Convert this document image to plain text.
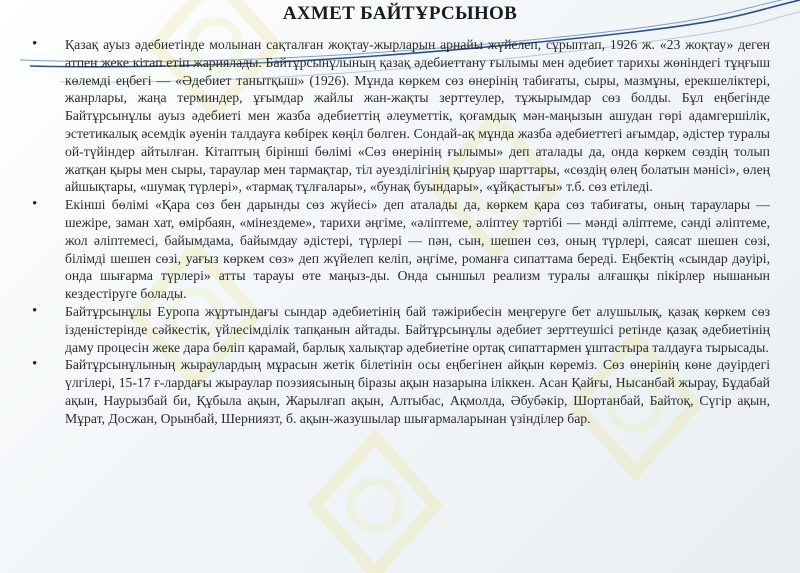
АХМЕТ БАЙТҰРСЫНОВ
• Қазақ ауыз әдебиетінде молынан сақталған жоқтау-жырларын арнайы жүйелеп, сұрыптап, 1926 ж. «23 жоқтау» деген атпен жеке кітап етіп жариялады. Байтұрсынұлының қазақ әдебиеттану ғылымы мен әдебиет тарихы жөніндегі тұңғыш көлемді еңбегі — «Әдебиет танытқыш» (1926). Мұнда көркем сөз өнерінің табиғаты, сыры, мазмұны, ерекшеліктері, жанрлары, жаңа терминдер, ұғымдар жайлы жан-жақты зерттеулер, тұжырымдар сөз болды. Бұл еңбегінде Байтұрсынұлы ауыз әдебиеті мен жазба әдебиеттің әлеуметтік, қоғамдық мән-маңызын ашудан гөрі адамгершілік, эстетикалық әсемдік әуенін талдауға көбірек көңіл бөлген. Сондай-ақ мұнда жазба әдебиеттегі ағымдар, әдістер туралы ой-түйіндер айтылған. Кітаптың бірінші бөлімі «Сөз өнерінің ғылымы» деп аталады да, онда көркем сөздің толып жатқан қыры мен сыры, тараулар мен тармақтар, тіл әуезділігінің қыруар шарттары, «сөздің өлең болатын мәнісі», өлең айшықтары, «шумақ түрлері», «тармақ тұлғалары», «бунақ буындары», «ұйқастығы» т.б. сөз етіледі.

• Екінші бөлімі «Қара сөз бен дарынды сөз жүйесі» деп аталады да, көркем қара сөз табиғаты, оның тараулары — шежіре, заман хат, өмірбаян, «мінездеме», тарихи әңгіме, «әліптеме, әліптеу тәртібі — мәнді әліптеме, сәнді әліптеме, жол әліптемесі, байымдама, байымдау әдістері, түрлері — пән, сын, шешен сөз, оның түрлері, саясат шешен сөзі, білімді шешен сөзі, уағыз көркем сөз» деп жүйелеп келіп, әңгіме, романға сипаттама береді. Еңбектің «сындар дәуірі, онда шығарма түрлері» атты тарауы өте маңыз-ды. Онда сыншыл реализм туралы алғашқы пікірлер нышанын кездестіруге болады.

• Байтұрсынұлы Еуропа жұртындағы сындар әдебиетінің бай тәжірибесін меңгеруге бет алушылық, қазақ көркем сөз ізденістерінде сәйкестік, үйлесімділік тапқанын айтады. Байтұрсынұлы әдебиет зерттеушісі ретінде қазақ әдебиетінің даму процесін жеке дара бөліп қарамай, барлық халықтар әдебиетіне ортақ сипаттармен ұштастыра талдауға тырысады.

• Байтұрсынұлының жыраулардың мұрасын жетік білетінін осы еңбегінен айқын көреміз. Сөз өнерінің көне дәуірдегі үлгілері, 15-17 ғ-лардағы жыраулар поэзиясының біразы ақын назарына іліккен. Асан Қайғы, Нысанбай жырау, Бұдабай ақын, Наурызбай би, Құбыла ақын, Жарылғап ақын, Алтыбас, Ақмолда, Әбубәкір, Шортанбай, Байтоқ, Сүгір ақын, Мұрат, Досжан, Орынбай, Шерниязт, б. ақын-жазушылар шығармаларынан үзінділер бар.
